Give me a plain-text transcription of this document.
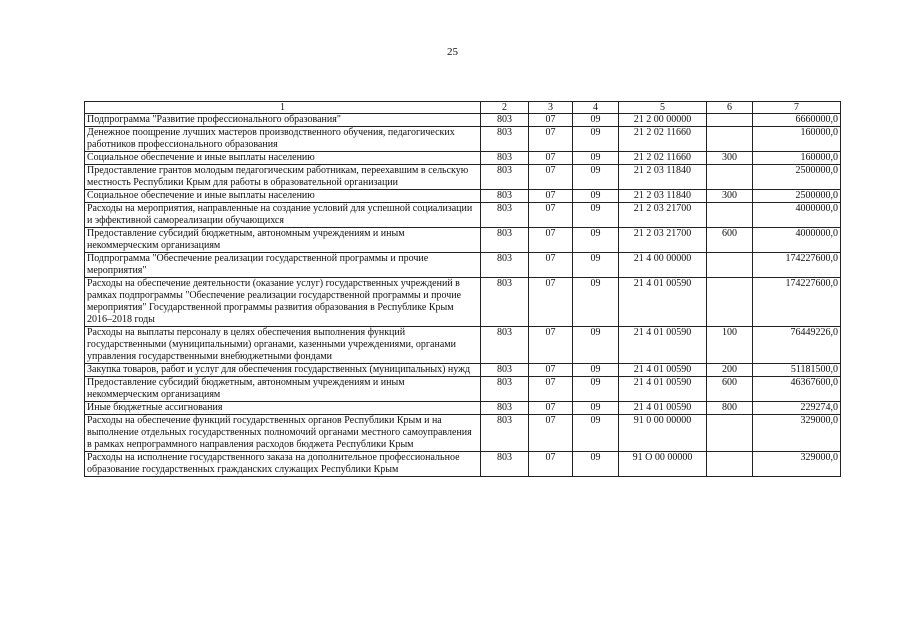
25
1	2	3	4	5	6	7
Подпрограмма "Развитие профессионального образования"	803	07	09	21 2 00 00000		6660000,0
Денежное поощрение лучших мастеров производственного обучения, педагогических работников профессионального образования	803	07	09	21 2 02 11660		160000,0
Социальное обеспечение и иные выплаты населению	803	07	09	21 2 02 11660	300	160000,0
Предоставление грантов молодым педагогическим работникам, переехавшим в сельскую местность Республики Крым для работы в образовательной организации	803	07	09	21 2 03 11840		2500000,0
Социальное обеспечение и иные выплаты населению	803	07	09	21 2 03 11840	300	2500000,0
Расходы на мероприятия, направленные на создание условий для успешной социализации и эффективной самореализации обучающихся	803	07	09	21 2 03 21700		4000000,0
Предоставление субсидий бюджетным, автономным учреждениям и иным некоммерческим организациям	803	07	09	21 2 03 21700	600	4000000,0
Подпрограмма "Обеспечение реализации государственной программы и прочие мероприятия"	803	07	09	21 4 00 00000		174227600,0
Расходы на обеспечение деятельности (оказание услуг) государственных учреждений в рамках подпрограммы "Обеспечение реализации государственной программы и прочие мероприятия" Государственной программы развития образования в Республике Крым 2016–2018 годы	803	07	09	21 4 01 00590		174227600,0
Расходы на выплаты персоналу в целях обеспечения выполнения функций государственными (муниципальными) органами, казенными учреждениями, органами управления государственными внебюджетными фондами	803	07	09	21 4 01 00590	100	76449226,0
Закупка товаров, работ и услуг для обеспечения государственных (муниципальных) нужд	803	07	09	21 4 01 00590	200	51181500,0
Предоставление субсидий бюджетным, автономным учреждениям и иным некоммерческим организациям	803	07	09	21 4 01 00590	600	46367600,0
Иные бюджетные ассигнования	803	07	09	21 4 01 00590	800	229274,0
Расходы на обеспечение функций государственных органов Республики Крым и на выполнение отдельных государственных полномочий органами местного самоуправления в рамках непрограммного направления расходов бюджета Республики Крым	803	07	09	91 0 00 00000		329000,0
Расходы на исполнение государственного заказа на дополнительное профессиональное образование государственных гражданских служащих Республики Крым	803	07	09	91 О 00 00000		329000,0
